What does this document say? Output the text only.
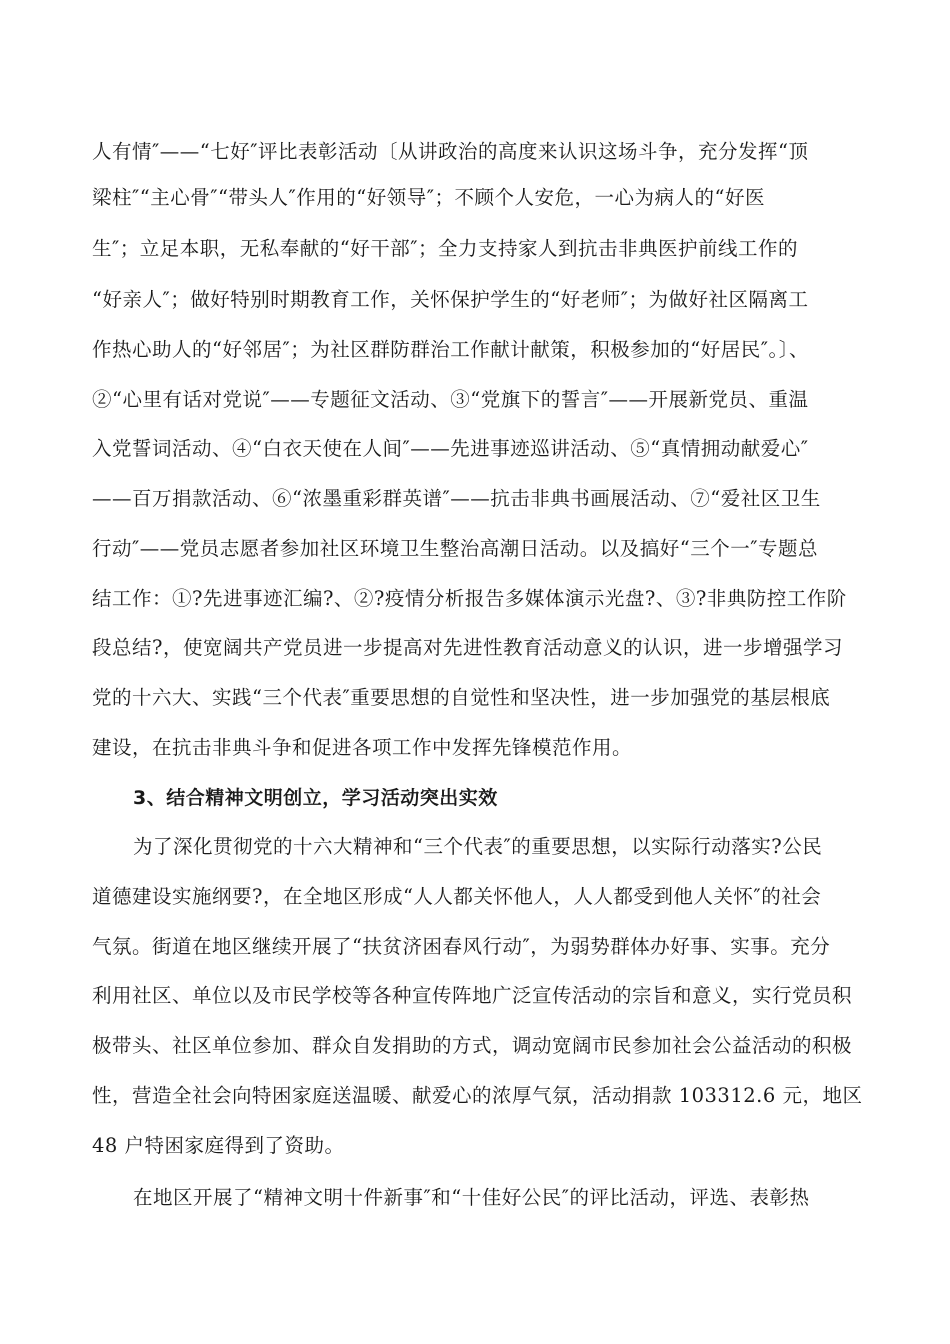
人有情″——“七好″评比表彰活动〔从讲政治的高度来认识这场斗争，充分发挥“顶
梁柱″“主心骨″“带头人″作用的“好领导″；不顾个人安危，一心为病人的“好医
生″；立足本职，无私奉献的“好干部″；全力支持家人到抗击非典医护前线工作的
“好亲人″；做好特别时期教育工作，关怀保护学生的“好老师″；为做好社区隔离工
作热心助人的“好邻居″；为社区群防群治工作献计献策，积极参加的“好居民″。〕、
②“心里有话对党说″——专题征文活动、③“党旗下的誓言″——开展新党员、重温
入党誓词活动、④“白衣天使在人间″——先进事迹巡讲活动、⑤“真情拥动献爱心″
——百万捐款活动、⑥“浓墨重彩群英谱″——抗击非典书画展活动、⑦“爱社区卫生
行动″——党员志愿者参加社区环境卫生整治高潮日活动。以及搞好“三个一″专题总
结工作：①?先进事迹汇编?、②?疫情分析报告多媒体演示光盘?、③?非典防控工作阶
段总结?，使宽阔共产党员进一步提高对先进性教育活动意义的认识，进一步增强学习
党的十六大、实践“三个代表″重要思想的自觉性和坚决性，进一步加强党的基层根底
建设，在抗击非典斗争和促进各项工作中发挥先锋模范作用。
3、结合精神文明创立，学习活动突出实效
为了深化贯彻党的十六大精神和“三个代表″的重要思想，以实际行动落实?公民
道德建设实施纲要?，在全地区形成“人人都关怀他人，人人都受到他人关怀″的社会
气氛。街道在地区继续开展了“扶贫济困春风行动″，为弱势群体办好事、实事。充分
利用社区、单位以及市民学校等各种宣传阵地广泛宣传活动的宗旨和意义，实行党员积
极带头、社区单位参加、群众自发捐助的方式，调动宽阔市民参加社会公益活动的积极
性，营造全社会向特困家庭送温暖、献爱心的浓厚气氛，活动捐款 103312.6 元，地区
48 户特困家庭得到了资助。
在地区开展了“精神文明十件新事″和“十佳好公民″的评比活动，评选、表彰热
